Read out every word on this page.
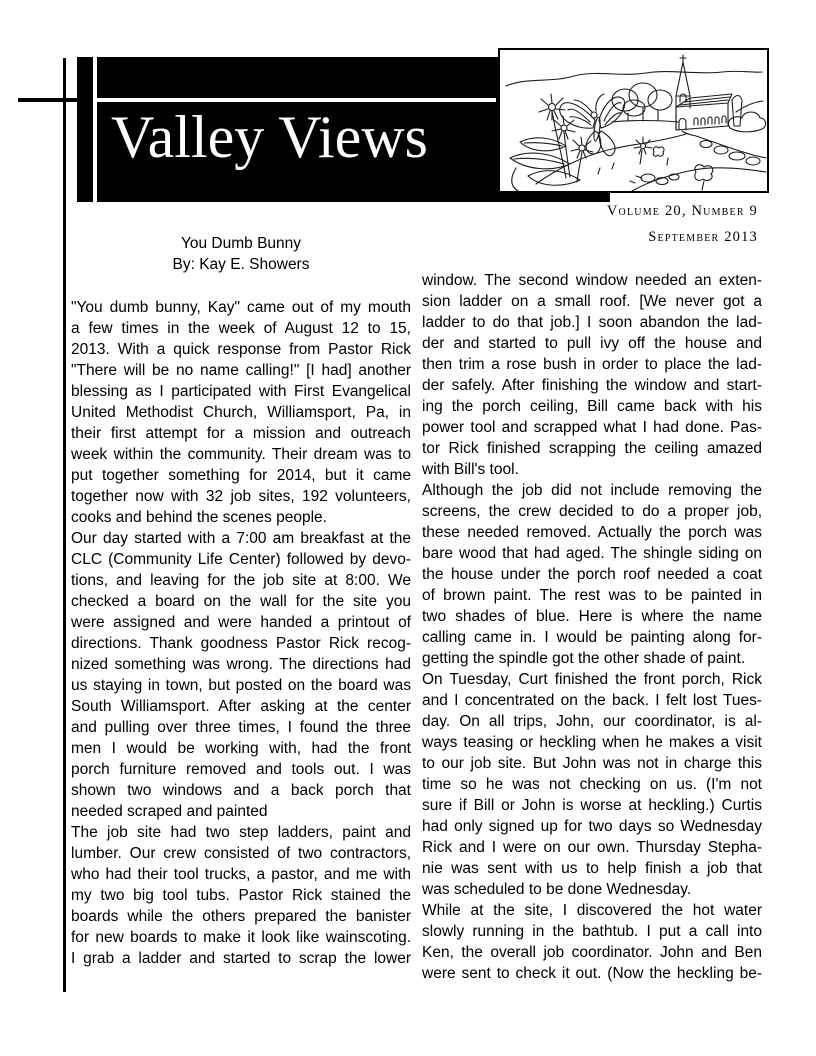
Valley Views
Volume 20, Number 9
September 2013
You Dumb Bunny
By: Kay E. Showers
"You dumb bunny, Kay" came out of my mouth
a few times in the week of August 12 to 15,
2013. With a quick response from Pastor Rick
"There will be no name calling!" [I had] another
blessing as I participated with First Evangelical
United Methodist Church, Williamsport, Pa, in
their first attempt for a mission and outreach
week within the community. Their dream was to
put together something for 2014, but it came
together now with 32 job sites, 192 volunteers,
cooks and behind the scenes people.
Our day started with a 7:00 am breakfast at the
CLC (Community Life Center) followed by devo-
tions, and leaving for the job site at 8:00. We
checked a board on the wall for the site you
were assigned and were handed a printout of
directions. Thank goodness Pastor Rick recog-
nized something was wrong. The directions had
us staying in town, but posted on the board was
South Williamsport. After asking at the center
and pulling over three times, I found the three
men I would be working with, had the front
porch furniture removed and tools out. I was
shown two windows and a back porch that
needed scraped and painted
The job site had two step ladders, paint and
lumber. Our crew consisted of two contractors,
who had their tool trucks, a pastor, and me with
my two big tool tubs. Pastor Rick stained the
boards while the others prepared the banister
for new boards to make it look like wainscoting.
I grab a ladder and started to scrap the lower
window. The second window needed an exten-
sion ladder on a small roof. [We never got a
ladder to do that job.] I soon abandon the lad-
der and started to pull ivy off the house and
then trim a rose bush in order to place the lad-
der safely. After finishing the window and start-
ing the porch ceiling, Bill came back with his
power tool and scrapped what I had done. Pas-
tor Rick finished scrapping the ceiling amazed
with Bill's tool.
Although the job did not include removing the
screens, the crew decided to do a proper job,
these needed removed. Actually the porch was
bare wood that had aged. The shingle siding on
the house under the porch roof needed a coat
of brown paint. The rest was to be painted in
two shades of blue. Here is where the name
calling came in. I would be painting along for-
getting the spindle got the other shade of paint.
On Tuesday, Curt finished the front porch, Rick
and I concentrated on the back. I felt lost Tues-
day. On all trips, John, our coordinator, is al-
ways teasing or heckling when he makes a visit
to our job site. But John was not in charge this
time so he was not checking on us. (I'm not
sure if Bill or John is worse at heckling.) Curtis
had only signed up for two days so Wednesday
Rick and I were on our own. Thursday Stepha-
nie was sent with us to help finish a job that
was scheduled to be done Wednesday.
While at the site, I discovered the hot water
slowly running in the bathtub. I put a call into
Ken, the overall job coordinator. John and Ben
were sent to check it out. (Now the heckling be-
